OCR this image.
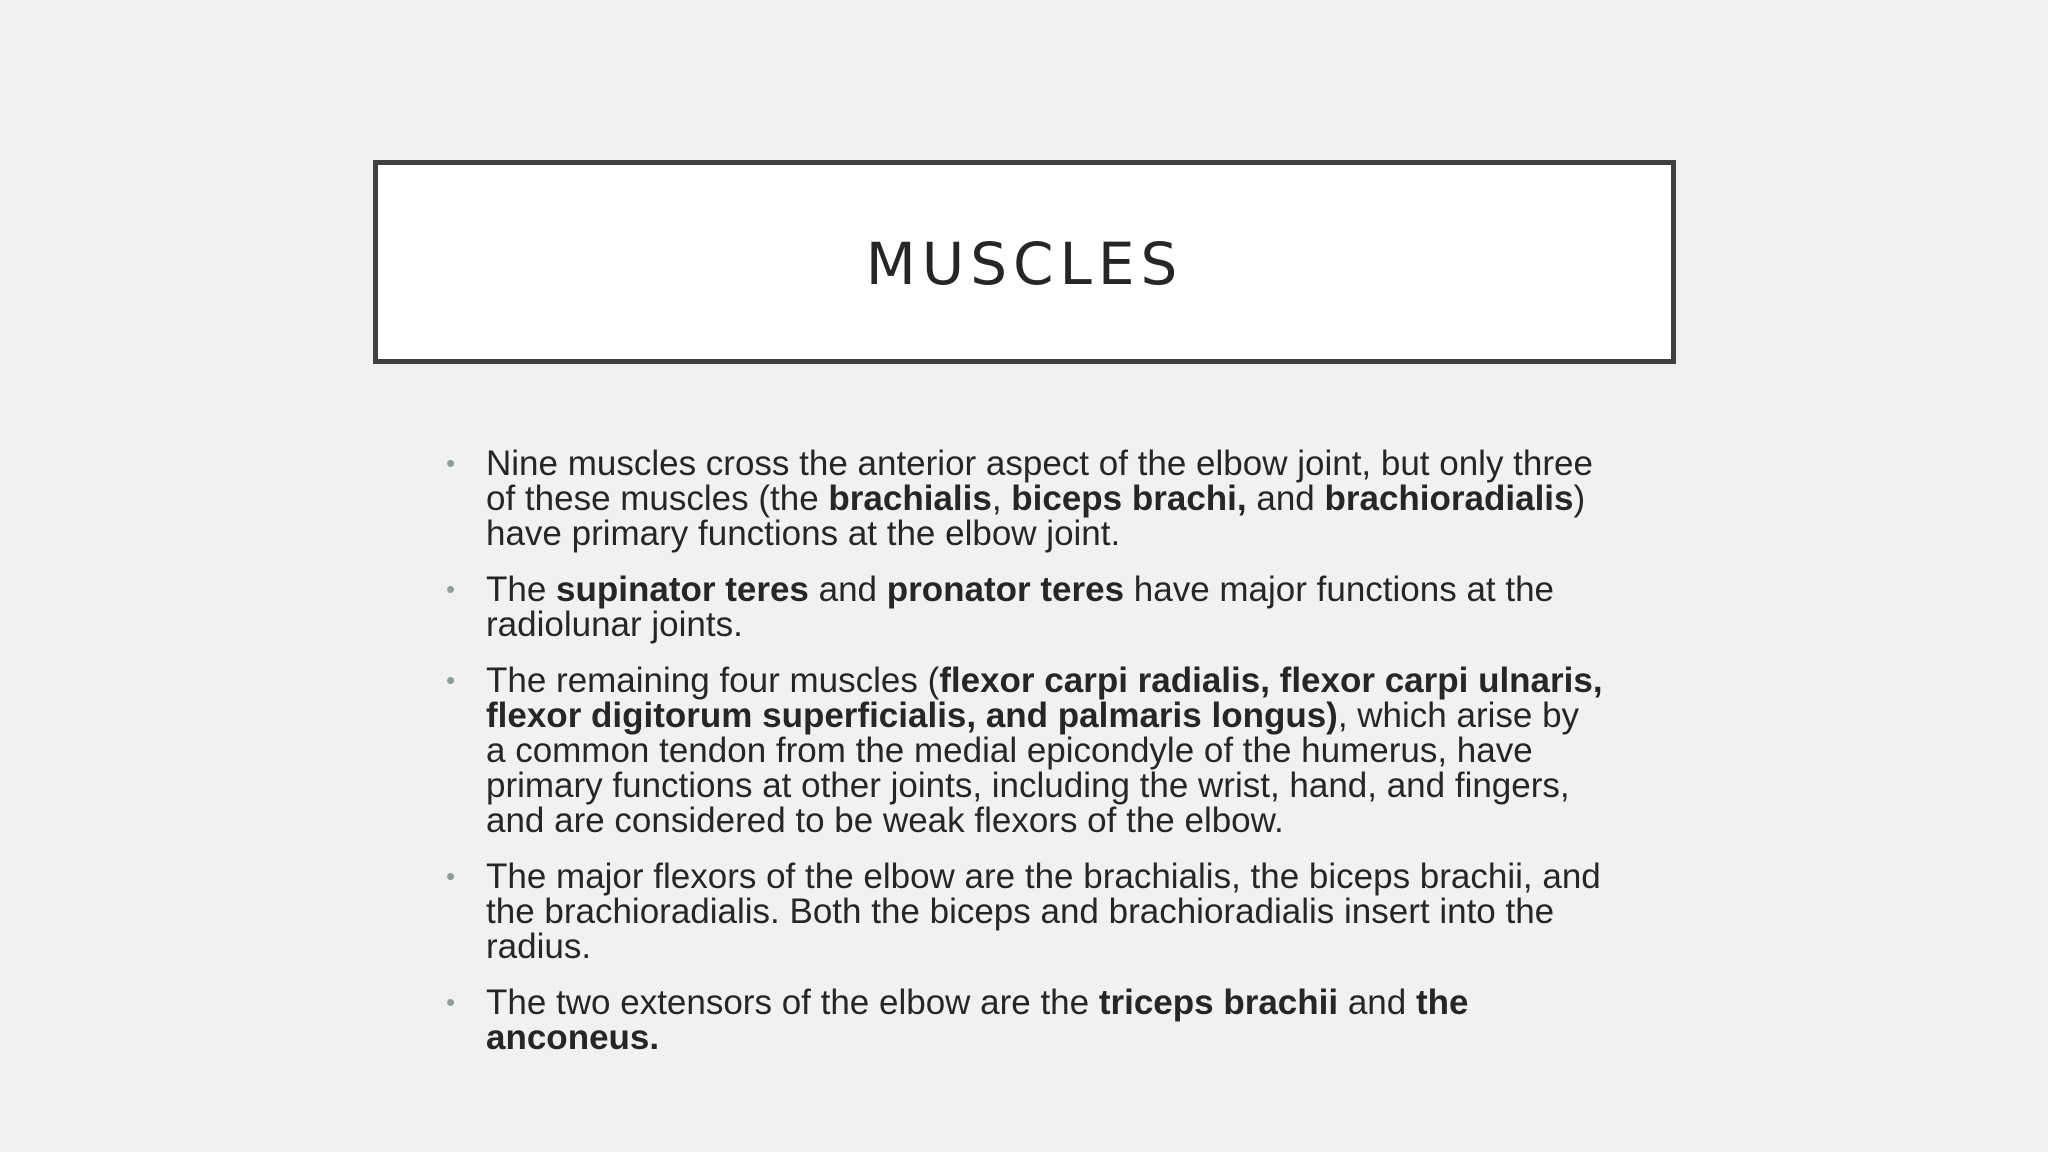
MUSCLES
• Nine muscles cross the anterior aspect of the elbow joint, but only three of these muscles (the brachialis, biceps brachi, and brachioradialis) have primary functions at the elbow joint.
• The supinator teres and pronator teres have major functions at the radiolunar joints.
• The remaining four muscles (flexor carpi radialis, flexor carpi ulnaris, flexor digitorum superficialis, and palmaris longus), which arise by a common tendon from the medial epicondyle of the humerus, have primary functions at other joints, including the wrist, hand, and fingers, and are considered to be weak flexors of the elbow.
• The major flexors of the elbow are the brachialis, the biceps brachii, and the brachioradialis. Both the biceps and brachioradialis insert into the radius.
• The two extensors of the elbow are the triceps brachii and the anconeus.
